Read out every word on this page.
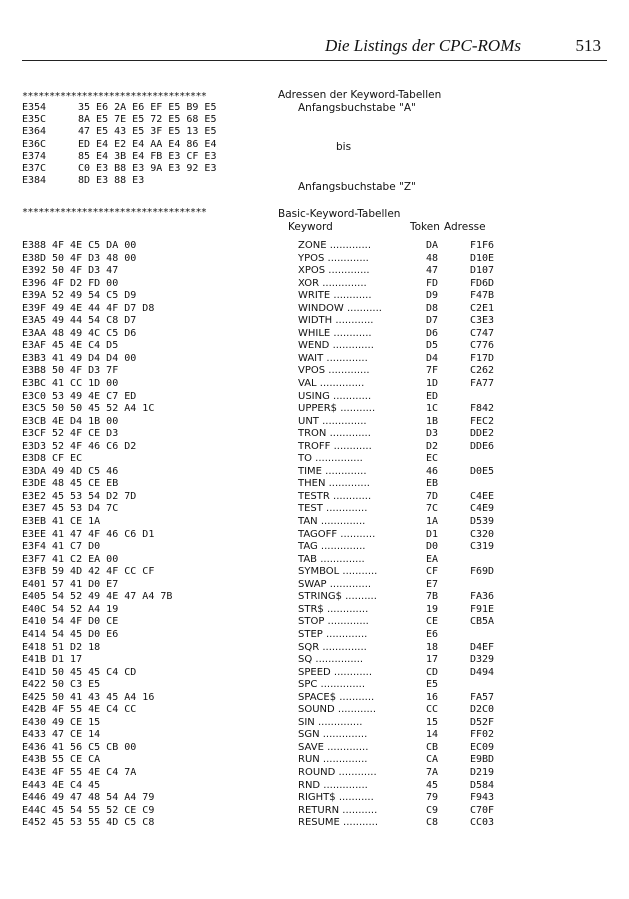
Die Listings der CPC-ROMs	513
**********************************
E354	35 E6 2A E6 EF E5 B9 E5
E35C	8A E5 7E E5 72 E5 68 E5
E364	47 E5 43 E5 3F E5 13 E5
E36C	ED E4 E2 E4 AA E4 86 E4
E374	85 E4 3B E4 FB E3 CF E3
E37C	C0 E3 B8 E3 9A E3 92 E3
E384	8D E3 88 E3
Adressen der Keyword-Tabellen
Anfangsbuchstabe "A"
bis
Anfangsbuchstabe "Z"
**********************************	Basic-Keyword-Tabellen
Keyword	Token Adresse
E388 4F 4E C5 DA 00	ZONE .............	DA	F1F6
E38D 50 4F D3 48 00	YPOS .............	48	D10E
E392 50 4F D3 47	XPOS .............	47	D107
E396 4F D2 FD 00	XOR ..............	FD	FD6D
E39A 52 49 54 C5 D9	WRITE ............	D9	F47B
E39F 49 4E 44 4F D7 D8	WINDOW ...........	D8	C2E1
E3A5 49 44 54 C8 D7	WIDTH ............	D7	C3E3
E3AA 48 49 4C C5 D6	WHILE ............	D6	C747
E3AF 45 4E C4 D5	WEND .............	D5	C776
E3B3 41 49 D4 D4 00	WAIT .............	D4	F17D
E3B8 50 4F D3 7F	VPOS .............	7F	C262
E3BC 41 CC 1D 00	VAL ..............	1D	FA77
E3C0 53 49 4E C7 ED	USING ............	ED
E3C5 50 50 45 52 A4 1C	UPPER$ ...........	1C	F842
E3CB 4E D4 1B 00	UNT ..............	1B	FEC2
E3CF 52 4F CE D3	TRON .............	D3	DDE2
E3D3 52 4F 46 C6 D2	TROFF ............	D2	DDE6
E3D8 CF EC	TO ...............	EC
E3DA 49 4D C5 46	TIME .............	46	D0E5
E3DE 48 45 CE EB	THEN .............	EB
E3E2 45 53 54 D2 7D	TESTR ............	7D	C4EE
E3E7 45 53 D4 7C	TEST .............	7C	C4E9
E3EB 41 CE 1A	TAN ..............	1A	D539
E3EE 41 47 4F 46 C6 D1	TAGOFF ...........	D1	C320
E3F4 41 C7 D0	TAG ..............	D0	C319
E3F7 41 C2 EA 00	TAB ..............	EA
E3FB 59 4D 42 4F CC CF	SYMBOL ...........	CF	F69D
E401 57 41 D0 E7	SWAP .............	E7
E405 54 52 49 4E 47 A4 7B	STRING$ ..........	7B	FA36
E40C 54 52 A4 19	STR$ .............	19	F91E
E410 54 4F D0 CE	STOP .............	CE	CB5A
E414 54 45 D0 E6	STEP .............	E6
E418 51 D2 18	SQR ..............	18	D4EF
E41B D1 17	SQ ...............	17	D329
E41D 50 45 45 C4 CD	SPEED ............	CD	D494
E422 50 C3 E5	SPC ..............	E5
E425 50 41 43 45 A4 16	SPACE$ ...........	16	FA57
E42B 4F 55 4E C4 CC	SOUND ............	CC	D2C0
E430 49 CE 15	SIN ..............	15	D52F
E433 47 CE 14	SGN ..............	14	FF02
E436 41 56 C5 CB 00	SAVE .............	CB	EC09
E43B 55 CE CA	RUN ..............	CA	E9BD
E43E 4F 55 4E C4 7A	ROUND ............	7A	D219
E443 4E C4 45	RND ..............	45	D584
E446 49 47 48 54 A4 79	RIGHT$ ...........	79	F943
E44C 45 54 55 52 CE C9	RETURN ...........	C9	C70F
E452 45 53 55 4D C5 C8	RESUME ...........	C8	CC03
